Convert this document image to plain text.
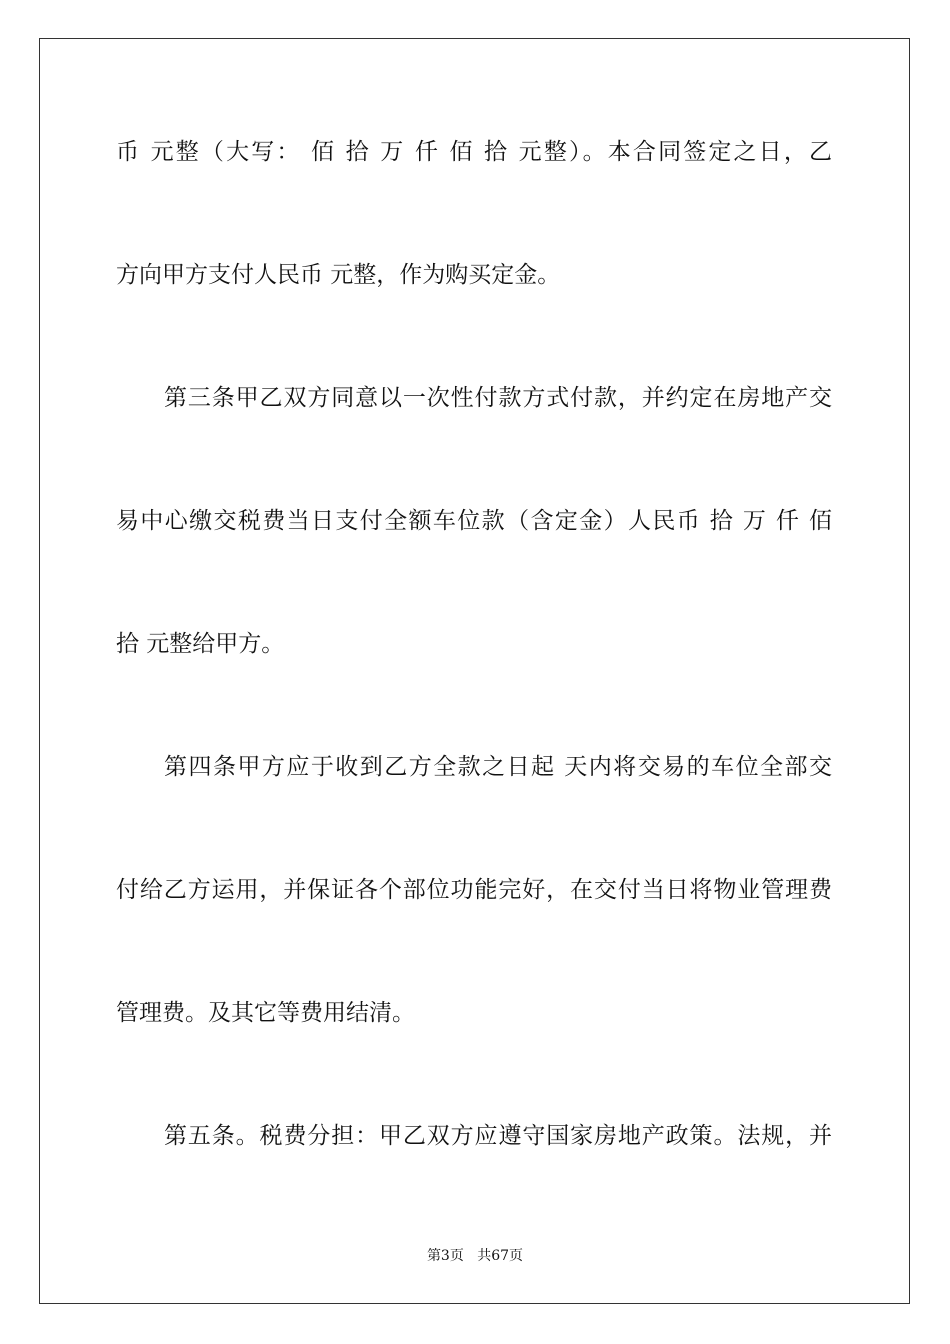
币 元整（大写： 佰 拾 万 仟 佰 拾 元整）。本合同签定之日，乙
方向甲方支付人民币 元整，作为购买定金。
第三条甲乙双方同意以一次性付款方式付款，并约定在房地产交
易中心缴交税费当日支付全额车位款（含定金）人民币 拾 万 仟 佰
拾 元整给甲方。
第四条甲方应于收到乙方全款之日起 天内将交易的车位全部交
付给乙方运用，并保证各个部位功能完好，在交付当日将物业管理费
管理费。及其它等费用结清。
第五条。税费分担：甲乙双方应遵守国家房地产政策。法规，并
第3页 共67页
